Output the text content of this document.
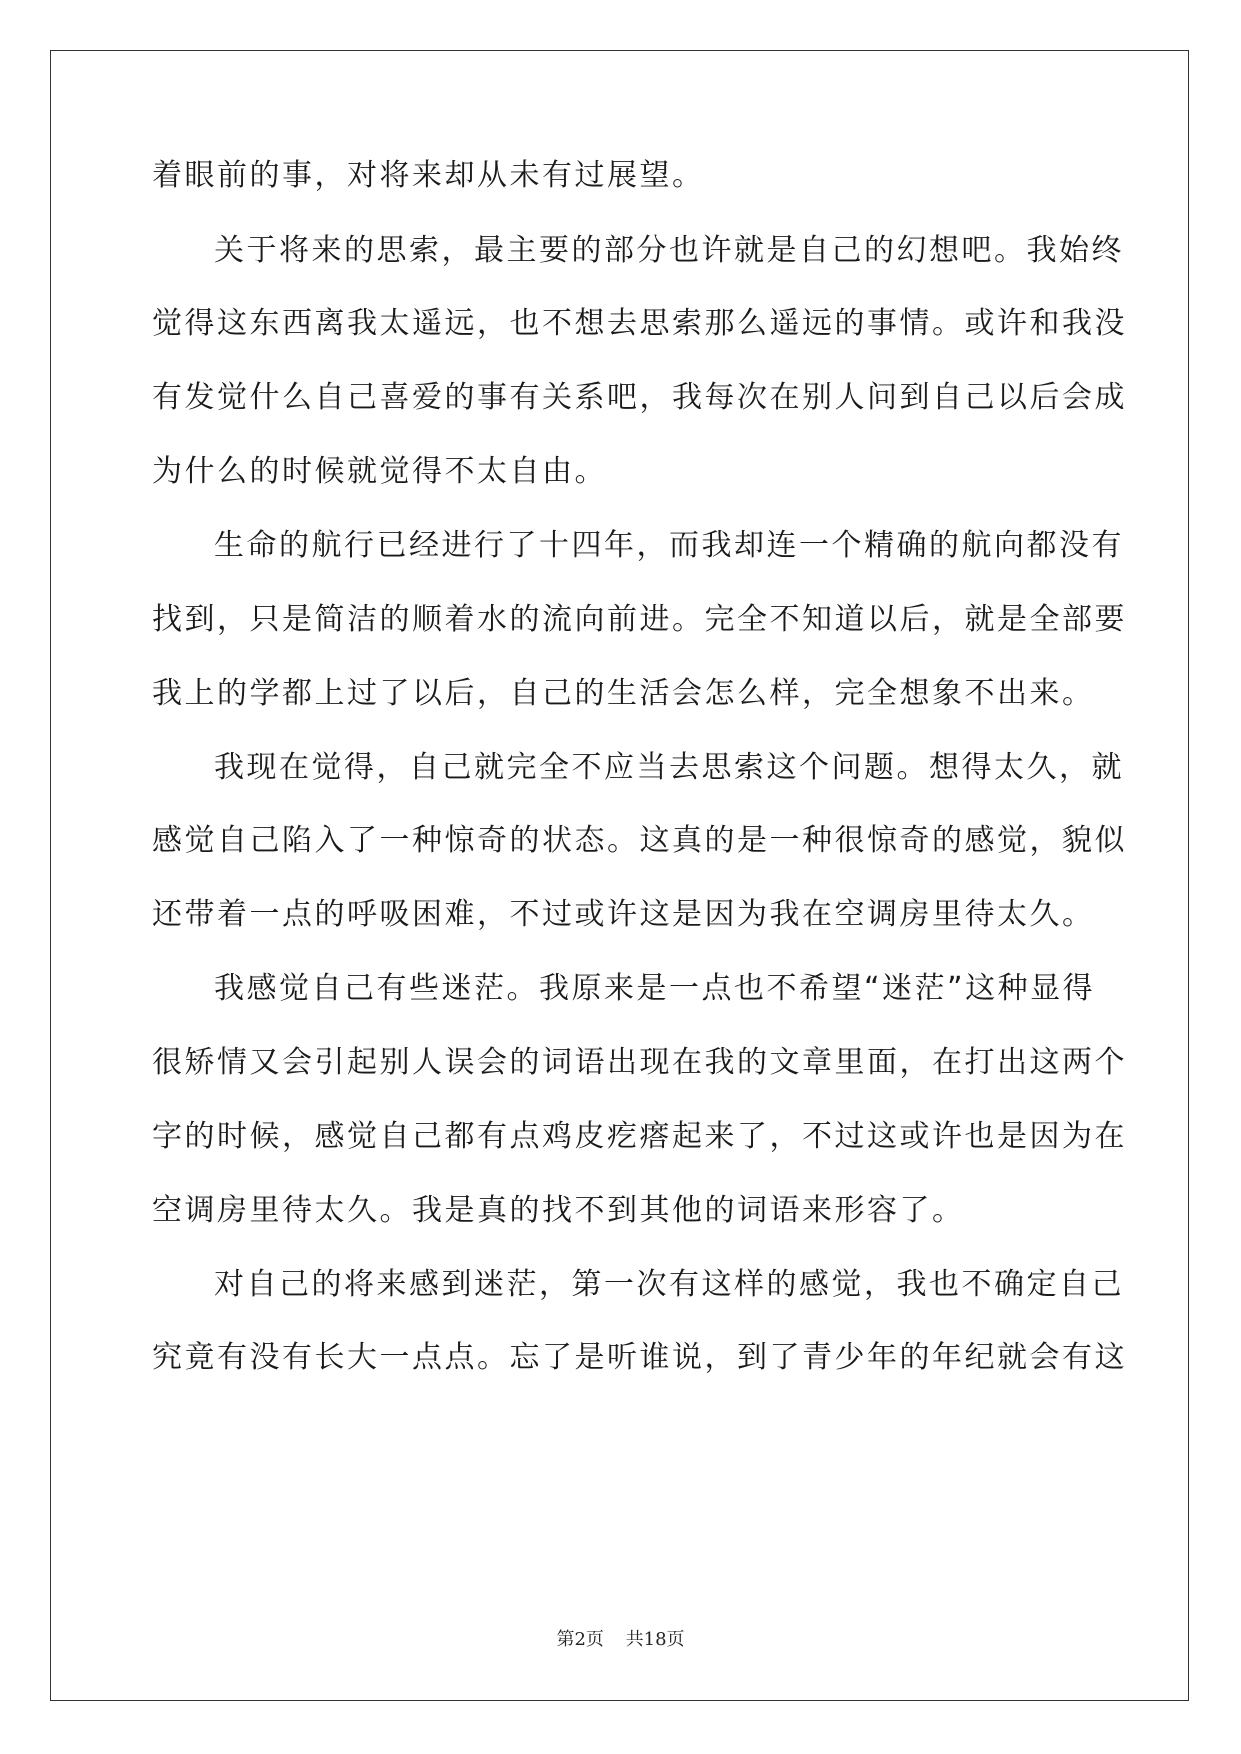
着眼前的事，对将来却从未有过展望。
关于将来的思索，最主要的部分也许就是自己的幻想吧。我始终
觉得这东西离我太遥远，也不想去思索那么遥远的事情。或许和我没
有发觉什么自己喜爱的事有关系吧，我每次在别人问到自己以后会成
为什么的时候就觉得不太自由。
生命的航行已经进行了十四年，而我却连一个精确的航向都没有
找到，只是简洁的顺着水的流向前进。完全不知道以后，就是全部要
我上的学都上过了以后，自己的生活会怎么样，完全想象不出来。
我现在觉得，自己就完全不应当去思索这个问题。想得太久，就
感觉自己陷入了一种惊奇的状态。这真的是一种很惊奇的感觉，貌似
还带着一点的呼吸困难，不过或许这是因为我在空调房里待太久。
我感觉自己有些迷茫。我原来是一点也不希望“迷茫”这种显得
很矫情又会引起别人误会的词语出现在我的文章里面，在打出这两个
字的时候，感觉自己都有点鸡皮疙瘩起来了，不过这或许也是因为在
空调房里待太久。我是真的找不到其他的词语来形容了。
对自己的将来感到迷茫，第一次有这样的感觉，我也不确定自己
究竟有没有长大一点点。忘了是听谁说，到了青少年的年纪就会有这
第2页 共18页
